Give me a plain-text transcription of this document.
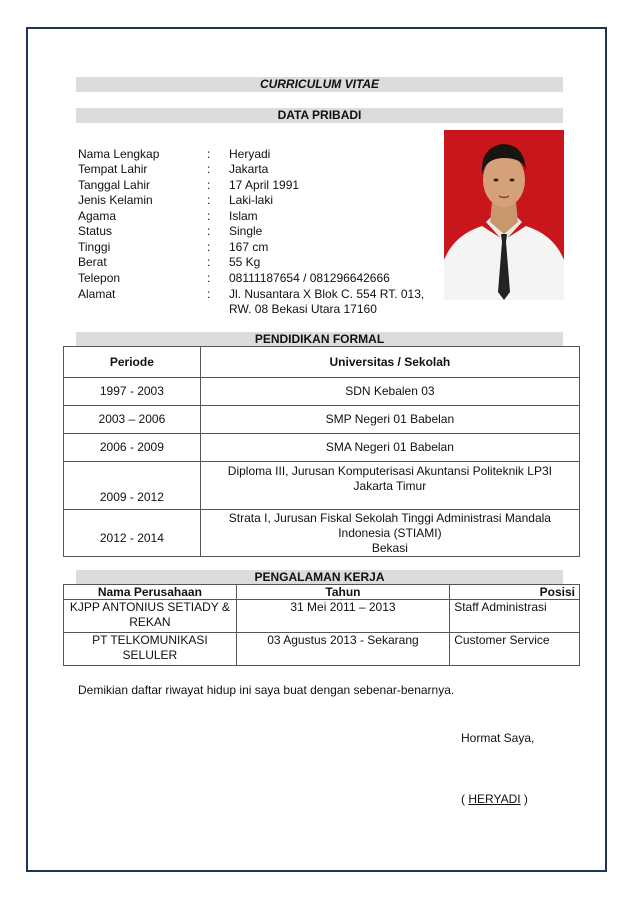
CURRICULUM VITAE
DATA PRIBADI
Nama Lengkap	: Heryadi
Tempat Lahir	: Jakarta
Tanggal Lahir	: 17 April 1991
Jenis Kelamin	: Laki-laki
Agama	: Islam
Status	: Single
Tinggi	: 167 cm
Berat	: 55 Kg
Telepon	: 08111187654 / 081296642666
Alamat	: Jl. Nusantara X Blok C. 554 RT. 013,
RW. 08 Bekasi Utara 17160
PENDIDIKAN FORMAL
Periode	Universitas / Sekolah
1997 - 2003	SDN Kebalen 03
2003 – 2006	SMP Negeri 01 Babelan
2006 - 2009	SMA Negeri 01 Babelan
2009 - 2012	Diploma III, Jurusan Komputerisasi Akuntansi Politeknik LP3I
Jakarta Timur

2012 - 2014	Strata I, Jurusan Fiskal Sekolah Tinggi Administrasi Mandala
Indonesia (STIAMI)
Bekasi
PENGALAMAN KERJA
Nama Perusahaan	Tahun	Posisi

KJPP ANTONIUS SETIADY &
REKAN	31 Mei 2011 – 2013	Staff Administrasi

PT TELKOMUNIKASI
SELULER	03 Agustus 2013 - Sekarang	Customer Service
Demikian daftar riwayat hidup ini saya buat dengan sebenar-benarnya.
Hormat Saya,
( HERYADI )
